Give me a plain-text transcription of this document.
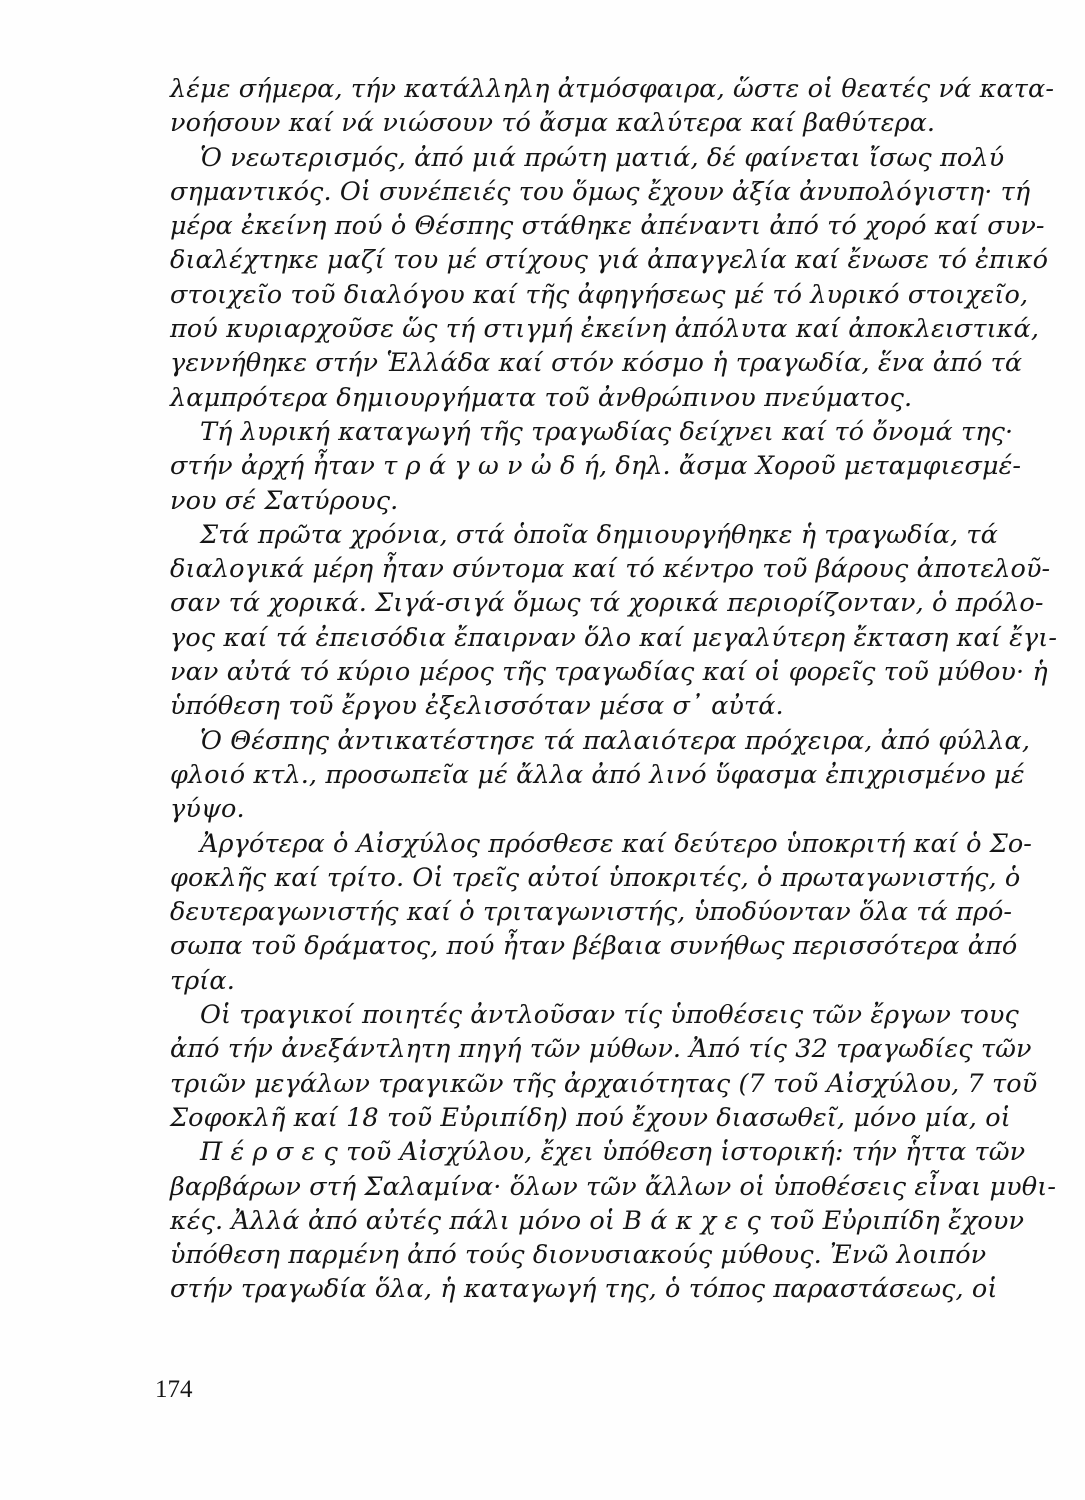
λέμε σήμερα, τήν κατάλληλη ἀτμόσφαιρα, ὥστε οἱ θεατές νά κατα-
νοήσουν καί νά νιώσουν τό ἄσμα καλύτερα καί βαθύτερα.
Ὁ νεωτερισμός, ἀπό μιά πρώτη ματιά, δέ φαίνεται ἴσως πολύ
σημαντικός. Οἱ συνέπειές του ὅμως ἔχουν ἀξία ἀνυπολόγιστη· τή
μέρα ἐκείνη πού ὁ Θέσπης στάθηκε ἀπέναντι ἀπό τό χορό καί συν-
διαλέχτηκε μαζί του μέ στίχους γιά ἀπαγγελία καί ἔνωσε τό ἐπικό
στοιχεῖο τοῦ διαλόγου καί τῆς ἀφηγήσεως μέ τό λυρικό στοιχεῖο,
πού κυριαρχοῦσε ὥς τή στιγμή ἐκείνη ἀπόλυτα καί ἀποκλειστικά,
γεννήθηκε στήν Ἑλλάδα καί στόν κόσμο ἡ τραγωδία, ἕνα ἀπό τά
λαμπρότερα δημιουργήματα τοῦ ἀνθρώπινου πνεύματος.
Τή λυρική καταγωγή τῆς τραγωδίας δείχνει καί τό ὄνομά της·
στήν ἀρχή ἦταν τ ρ ά γ ω ν ὠ δ ή, δηλ. ἄσμα Χοροῦ μεταμφιεσμέ-
νου σέ Σατύρους.
Στά πρῶτα χρόνια, στά ὁποῖα δημιουργήθηκε ἡ τραγωδία, τά
διαλογικά μέρη ἦταν σύντομα καί τό κέντρο τοῦ βάρους ἀποτελοῦ-
σαν τά χορικά. Σιγά-σιγά ὅμως τά χορικά περιορίζονταν, ὁ πρόλο-
γος καί τά ἐπεισόδια ἔπαιρναν ὅλο καί μεγαλύτερη ἔκταση καί ἔγι-
ναν αὐτά τό κύριο μέρος τῆς τραγωδίας καί οἱ φορεῖς τοῦ μύθου· ἡ
ὑπόθεση τοῦ ἔργου ἐξελισσόταν μέσα σ᾿ αὐτά.
Ὁ Θέσπης ἀντικατέστησε τά παλαιότερα πρόχειρα, ἀπό φύλλα,
φλοιό κτλ., προσωπεῖα μέ ἄλλα ἀπό λινό ὕφασμα ἐπιχρισμένο μέ
γύψο.
Ἀργότερα ὁ Αἰσχύλος πρόσθεσε καί δεύτερο ὑποκριτή καί ὁ Σο-
φοκλῆς καί τρίτο. Οἱ τρεῖς αὐτοί ὑποκριτές, ὁ πρωταγωνιστής, ὁ
δευτεραγωνιστής καί ὁ τριταγωνιστής, ὑποδύονταν ὅλα τά πρό-
σωπα τοῦ δράματος, πού ἦταν βέβαια συνήθως περισσότερα ἀπό
τρία.
Οἱ τραγικοί ποιητές ἀντλοῦσαν τίς ὑποθέσεις τῶν ἔργων τους
ἀπό τήν ἀνεξάντλητη πηγή τῶν μύθων. Ἀπό τίς 32 τραγωδίες τῶν
τριῶν μεγάλων τραγικῶν τῆς ἀρχαιότητας (7 τοῦ Αἰσχύλου, 7 τοῦ
Σοφοκλῆ καί 18 τοῦ Εὐριπίδη) πού ἔχουν διασωθεῖ, μόνο μία, οἱ
Π έ ρ σ ε ς τοῦ Αἰσχύλου, ἔχει ὑπόθεση ἱστορική: τήν ἧττα τῶν
βαρβάρων στή Σαλαμίνα· ὅλων τῶν ἄλλων οἱ ὑποθέσεις εἶναι μυθι-
κές. Ἀλλά ἀπό αὐτές πάλι μόνο οἱ Β ά κ χ ε ς τοῦ Εὐριπίδη ἔχουν
ὑπόθεση παρμένη ἀπό τούς διονυσιακούς μύθους. Ἐνῶ λοιπόν
στήν τραγωδία ὅλα, ἡ καταγωγή της, ὁ τόπος παραστάσεως, οἱ
174
